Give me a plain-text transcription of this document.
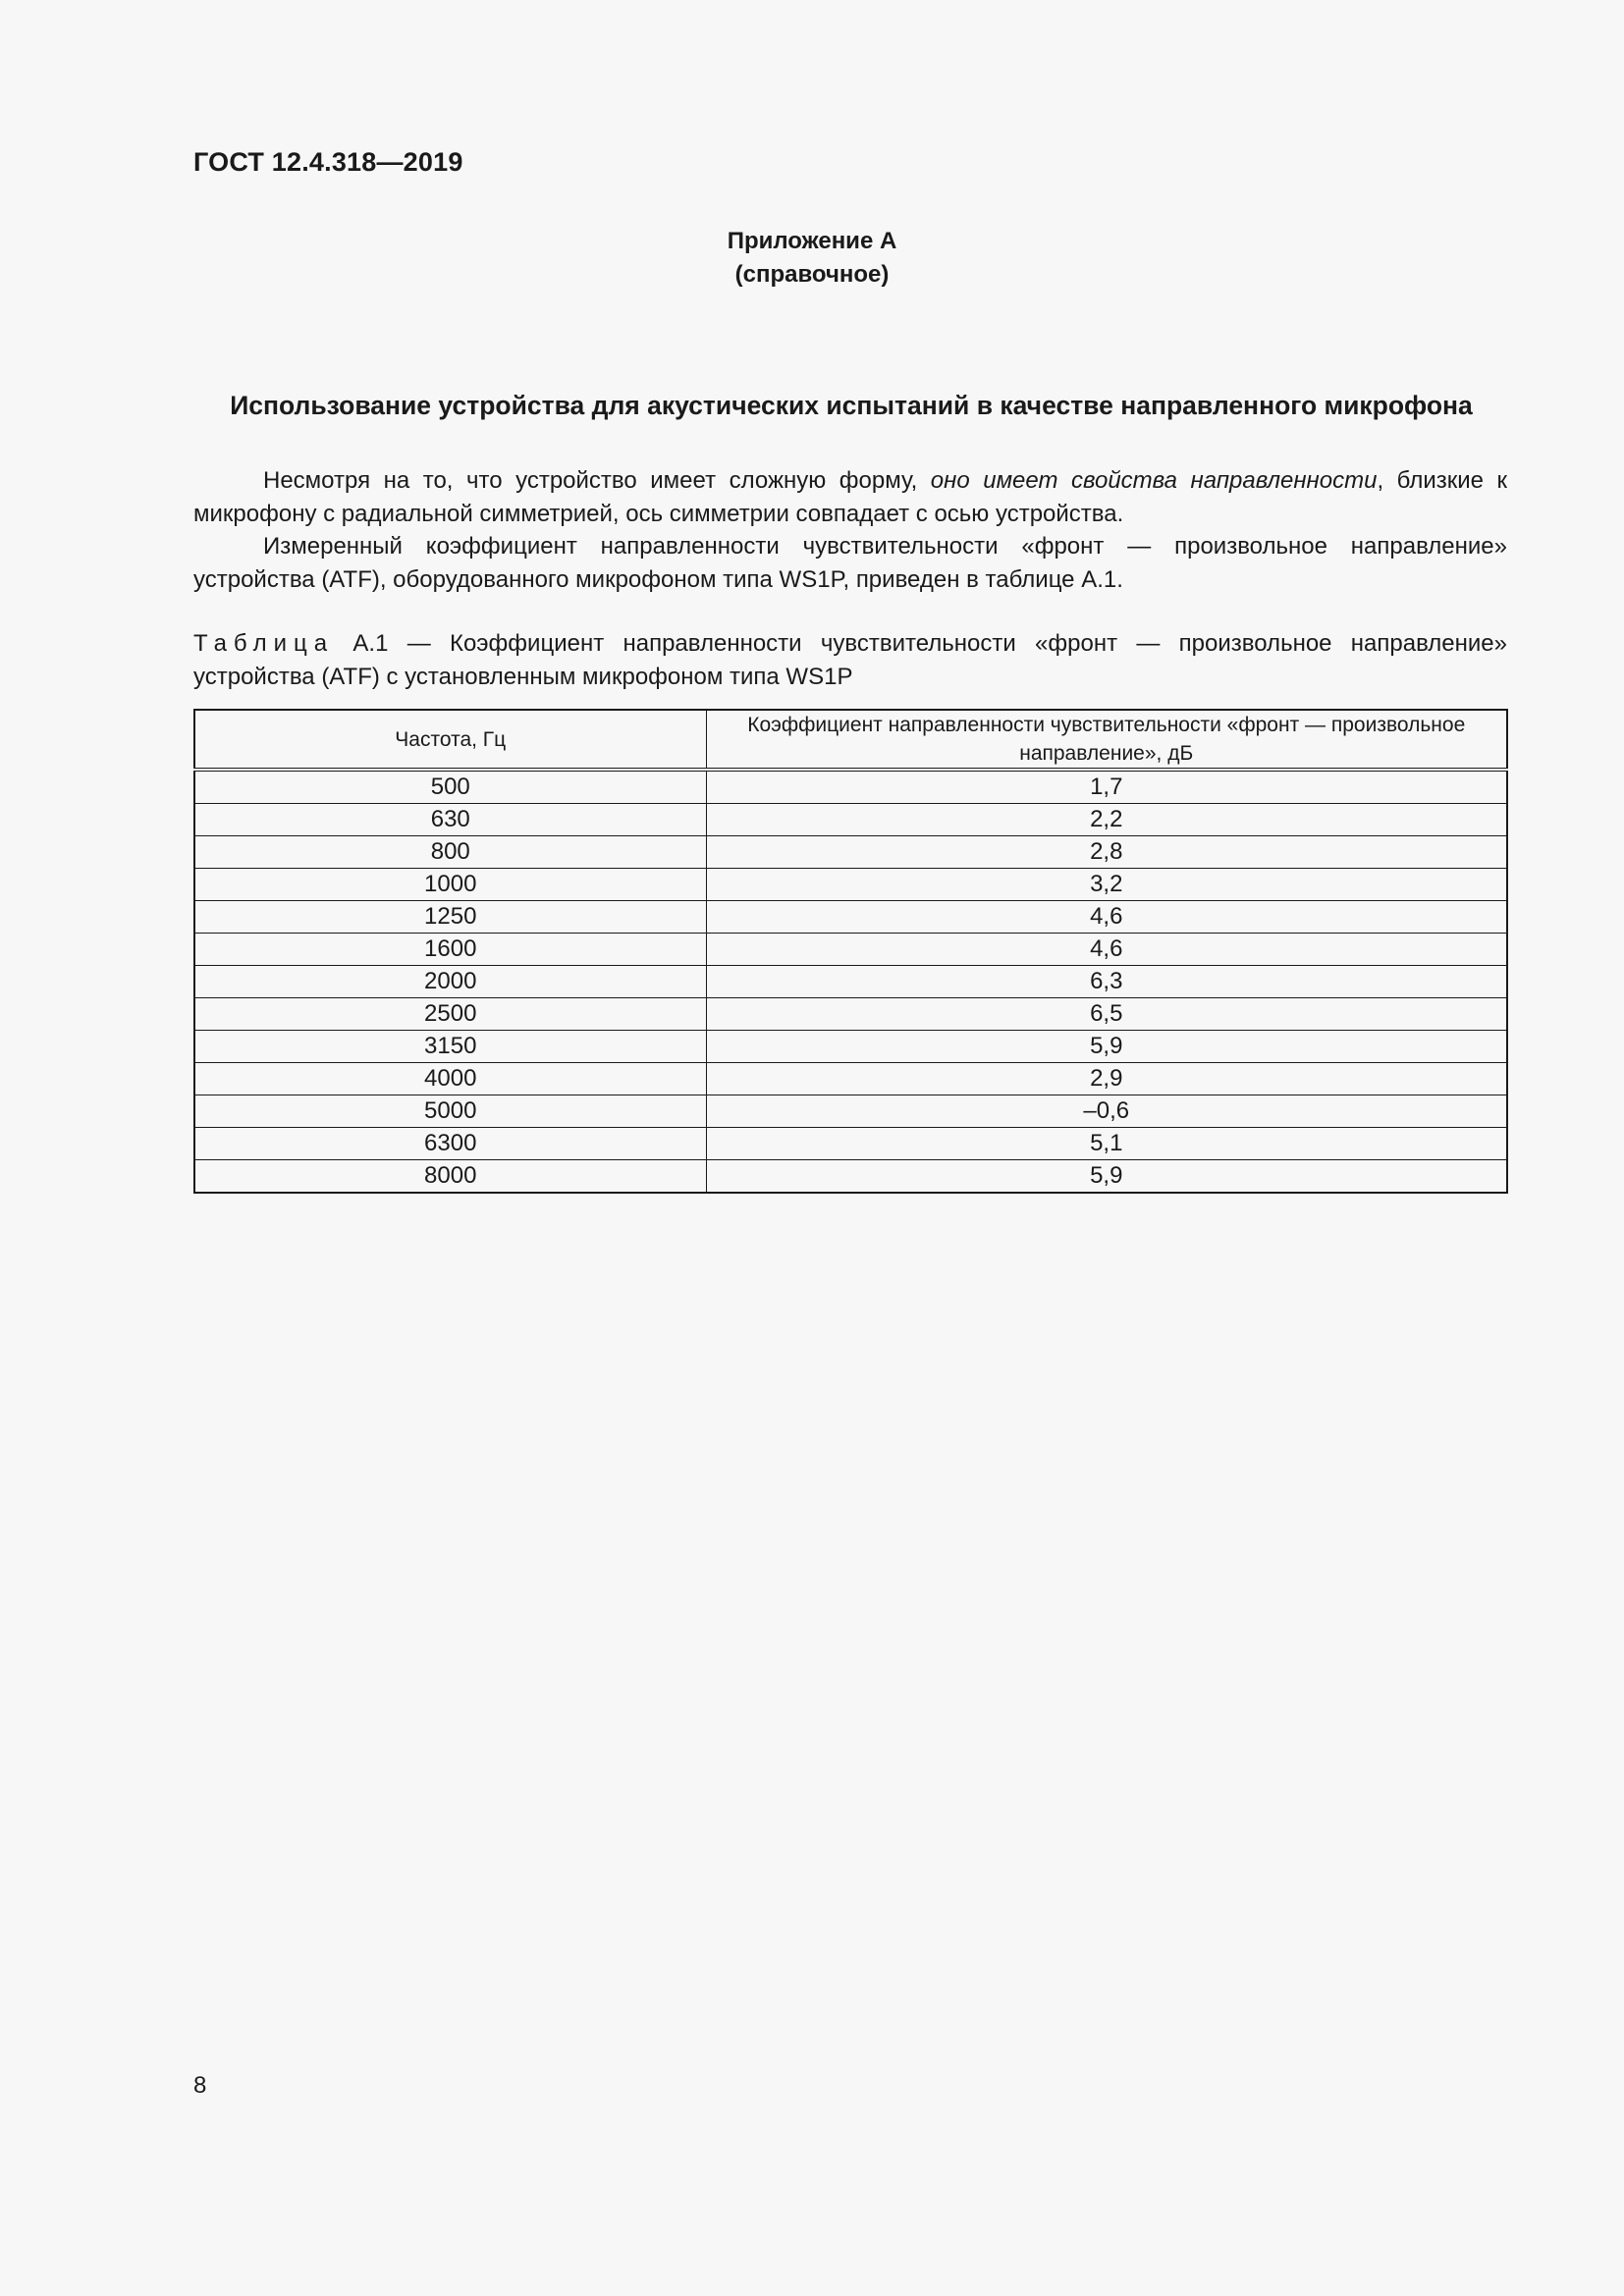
ГОСТ 12.4.318—2019
Приложение А
(справочное)
Использование устройства для акустических испытаний в качестве направленного микрофона

Несмотря на то, что устройство имеет сложную форму, оно имеет свойства направленности, близкие к микрофону с радиальной симметрией, ось симметрии совпадает с осью устройства.

Измеренный коэффициент направленности чувствительности «фронт — произвольное направление» устройства (ATF), оборудованного микрофоном типа WS1P, приведен в таблице А.1.

Таблица А.1 — Коэффициент направленности чувствительности «фронт — произвольное направление» устройства (ATF) с установленным микрофоном типа WS1P
Частота, Гц	Коэффициент направленности чувствительности «фронт — произвольное направление», дБ
500	1,7
630	2,2
800	2,8
1000	3,2
1250	4,6
1600	4,6
2000	6,3
2500	6,5
3150	5,9
4000	2,9
5000	–0,6
6300	5,1
8000	5,9
8
